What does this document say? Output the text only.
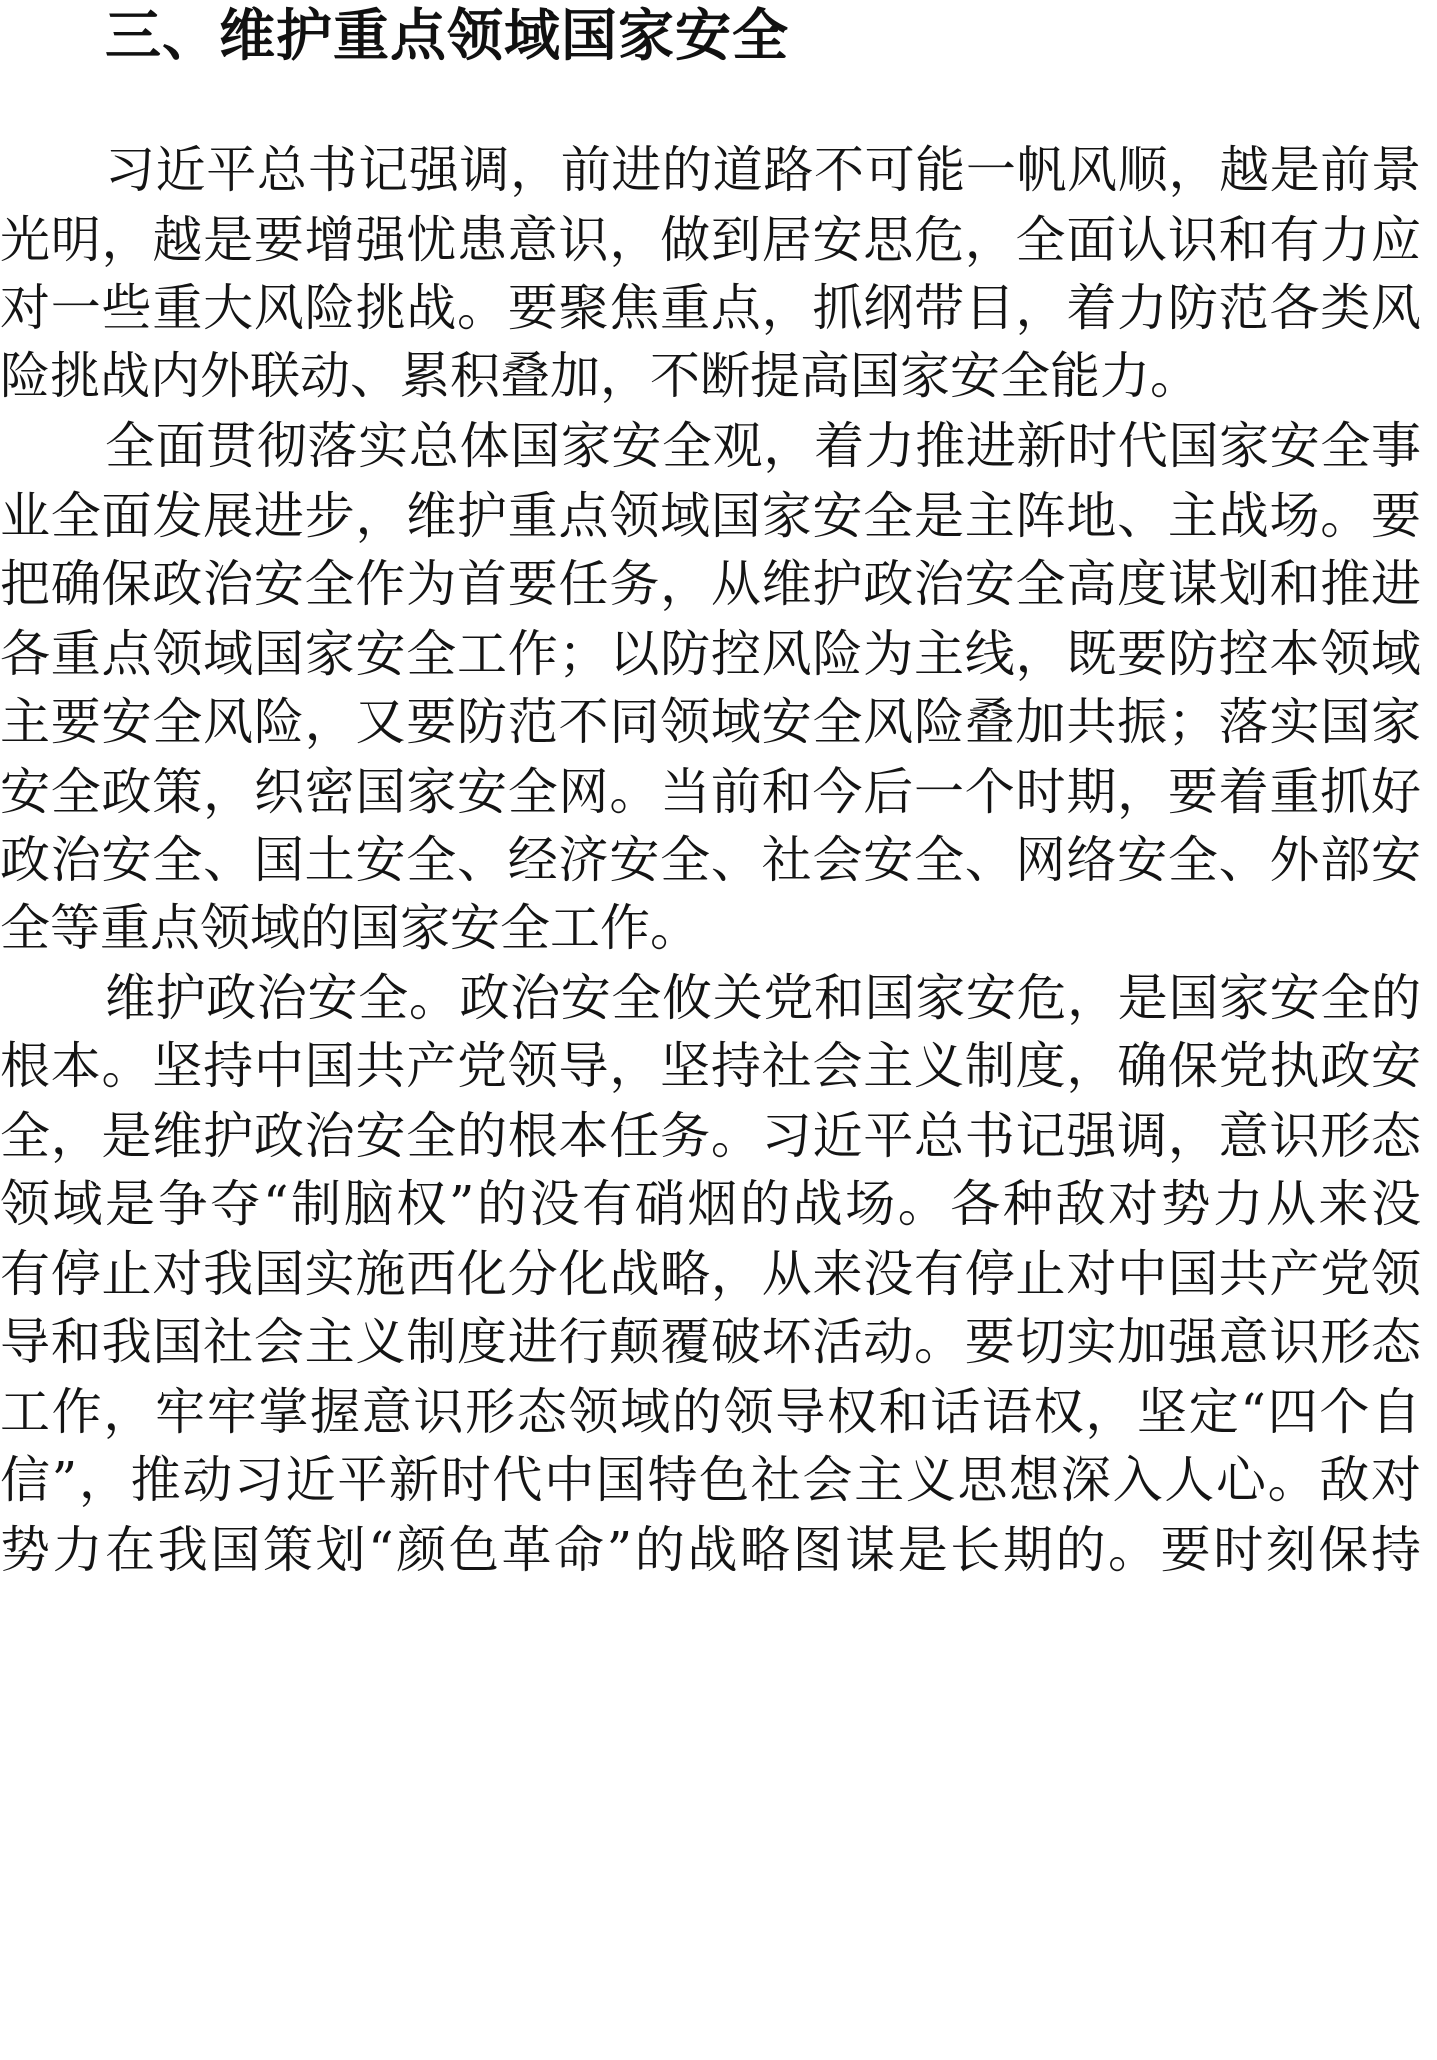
三、维护重点领域国家安全
习近平总书记强调，前进的道路不可能一帆风顺，越是前景
光明，越是要增强忧患意识，做到居安思危，全面认识和有力应
对一些重大风险挑战。要聚焦重点，抓纲带目，着力防范各类风
险挑战内外联动、累积叠加，不断提高国家安全能力。
全面贯彻落实总体国家安全观，着力推进新时代国家安全事
业全面发展进步，维护重点领域国家安全是主阵地、主战场。要
把确保政治安全作为首要任务，从维护政治安全高度谋划和推进
各重点领域国家安全工作；以防控风险为主线，既要防控本领域
主要安全风险，又要防范不同领域安全风险叠加共振；落实国家
安全政策，织密国家安全网。当前和今后一个时期，要着重抓好
政治安全、国土安全、经济安全、社会安全、网络安全、外部安
全等重点领域的国家安全工作。
维护政治安全。政治安全攸关党和国家安危，是国家安全的
根本。坚持中国共产党领导，坚持社会主义制度，确保党执政安
全，是维护政治安全的根本任务。习近平总书记强调，意识形态
领域是争夺“制脑权”的没有硝烟的战场。各种敌对势力从来没
有停止对我国实施西化分化战略，从来没有停止对中国共产党领
导和我国社会主义制度进行颠覆破坏活动。要切实加强意识形态
工作，牢牢掌握意识形态领域的领导权和话语权，坚定“四个自
信”，推动习近平新时代中国特色社会主义思想深入人心。敌对
势力在我国策划“颜色革命”的战略图谋是长期的。要时刻保持
